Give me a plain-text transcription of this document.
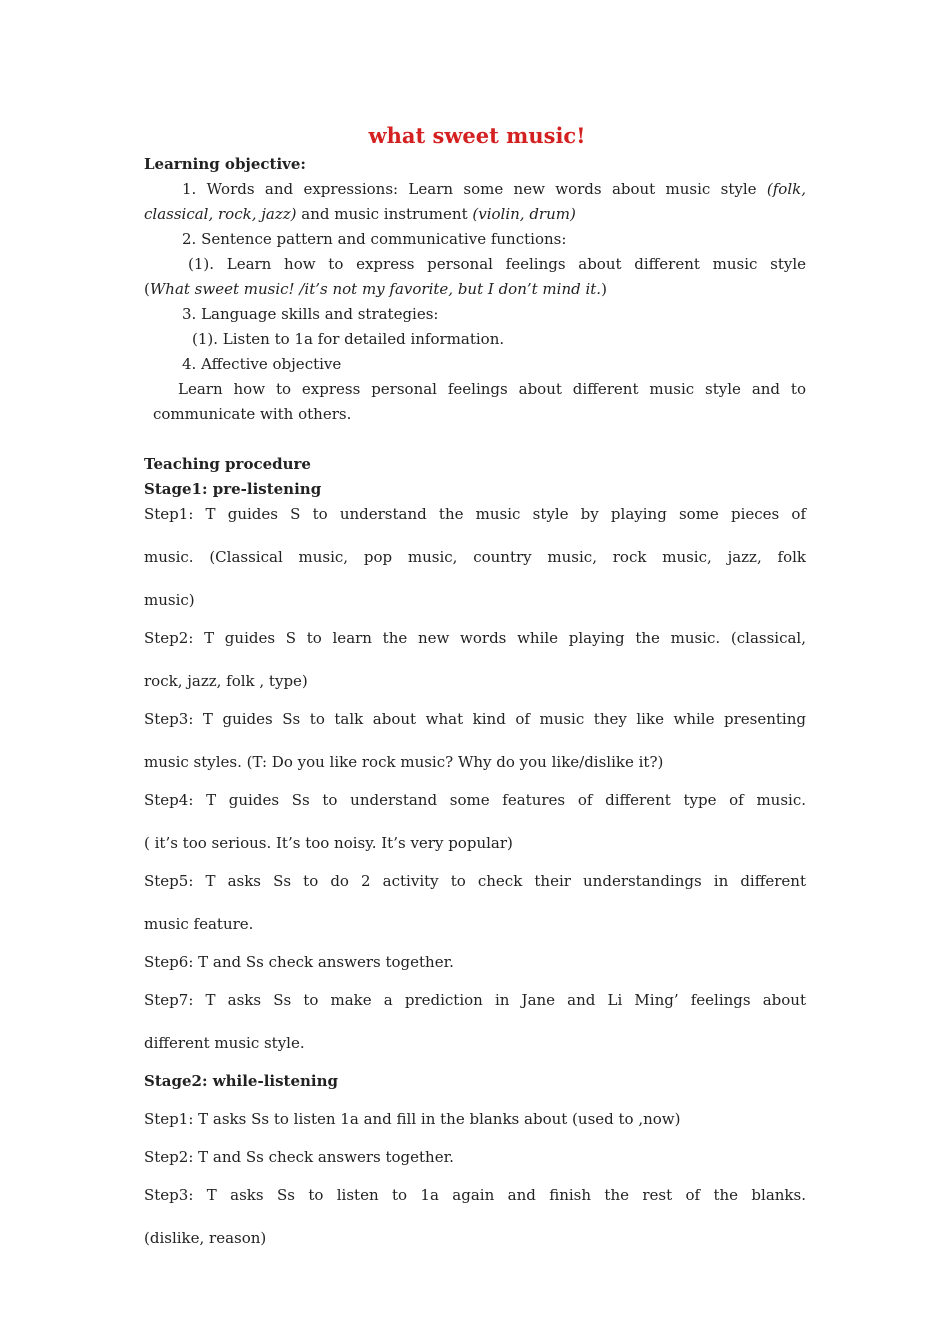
what sweet music!

Learning objective:

1. Words and expressions: Learn some new words about music style (folk,

classical, rock, jazz) and music instrument (violin, drum)

2. Sentence pattern and communicative functions:

(1). Learn how to express personal feelings about different music style

(What sweet music! /it’s not my favorite, but I don’t mind it.)

3. Language skills and strategies:

(1). Listen to 1a for detailed information.

4. Affective objective

Learn how to express personal feelings about different music style and to

communicate with others.

Teaching procedure

Stage1: pre-listening

Step1: T guides S to understand the music style by playing some pieces of

music. (Classical music, pop music, country music, rock music, jazz, folk

music)

Step2: T guides S to learn the new words while playing the music. (classical,

rock, jazz, folk , type)

Step3: T guides Ss to talk about what kind of music they like while presenting

music styles. (T: Do you like rock music? Why do you like/dislike it?)

Step4: T guides Ss to understand some features of different type of music.

( it’s too serious. It’s too noisy. It’s very popular)

Step5: T asks Ss to do 2 activity to check their understandings in different

music feature.

Step6: T and Ss check answers together.

Step7: T asks Ss to make a prediction in Jane and Li Ming’ feelings about

different music style.

Stage2: while-listening

Step1: T asks Ss to listen 1a and fill in the blanks about (used to ,now)

Step2: T and Ss check answers together.

Step3: T asks Ss to listen to 1a again and finish the rest of the blanks.

(dislike, reason)
